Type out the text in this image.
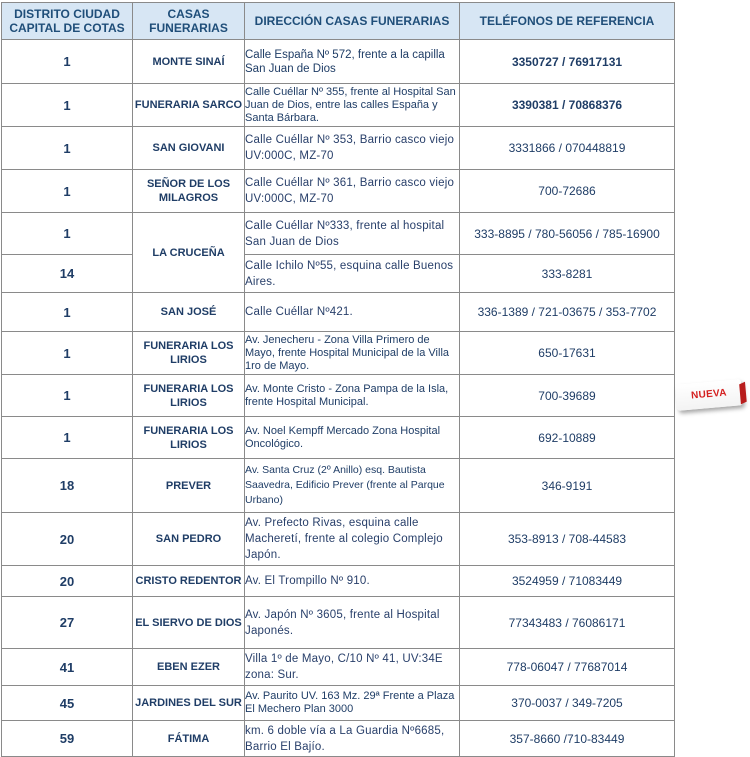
DISTRITO CIUDAD CAPITAL DE COTAS	CASAS FUNERARIAS	DIRECCIÓN CASAS FUNERARIAS	TELÉFONOS DE REFERENCIA
1	MONTE SINAÍ	Calle España Nº 572, frente a la capilla San Juan de Dios	3350727 / 76917131
1	FUNERARIA SARCO	Calle Cuéllar Nº 355, frente al Hospital San Juan de Dios, entre las calles España y Santa Bárbara.	3390381 / 70868376
1	SAN GIOVANI	Calle Cuéllar Nº 353, Barrio casco viejo UV:000C, MZ-70	3331866 / 070448819
1	SEÑOR DE LOS MILAGROS	Calle Cuéllar Nº 361, Barrio casco viejo UV:000C, MZ-70	700-72686
1	LA CRUCEÑA	Calle Cuéllar Nº333, frente al hospital San Juan de Dios	333-8895 / 780-56056 / 785-16900
14		Calle Ichilo Nº55, esquina calle Buenos Aires.	333-8281
1	SAN JOSÉ	Calle Cuéllar Nº421.	336-1389 / 721-03675 / 353-7702
1	FUNERARIA LOS LIRIOS	Av. Jenecheru - Zona Villa Primero de Mayo, frente Hospital Municipal de la Villa 1ro de Mayo.	650-17631
1	FUNERARIA LOS LIRIOS	Av. Monte Cristo - Zona Pampa de la Isla, frente Hospital Municipal.	700-39689
1	FUNERARIA LOS LIRIOS	Av. Noel Kempff Mercado Zona Hospital Oncológico.	692-10889
18	PREVER	Av. Santa Cruz (2º Anillo) esq. Bautista Saavedra, Edificio Prever (frente al Parque Urbano)	346-9191
20	SAN PEDRO	Av. Prefecto Rivas, esquina calle Macheretí, frente al colegio Complejo Japón.	353-8913 / 708-44583
20	CRISTO REDENTOR	Av. El Trompillo Nº 910.	3524959 / 71083449
27	EL SIERVO DE DIOS	Av. Japón Nº 3605, frente al Hospital Japonés.	77343483 / 76086171
41	EBEN EZER	Villa 1º de Mayo, C/10 Nº 41, UV:34E zona: Sur.	778-06047 / 77687014
45	JARDINES DEL SUR	Av. Paurito UV. 163 Mz. 29ª Frente a Plaza El Mechero Plan 3000	370-0037 / 349-7205
59	FÁTIMA	km. 6 doble vía a La Guardia Nº6685, Barrio El Bajío.	357-8660 /710-83449
NUEVA
